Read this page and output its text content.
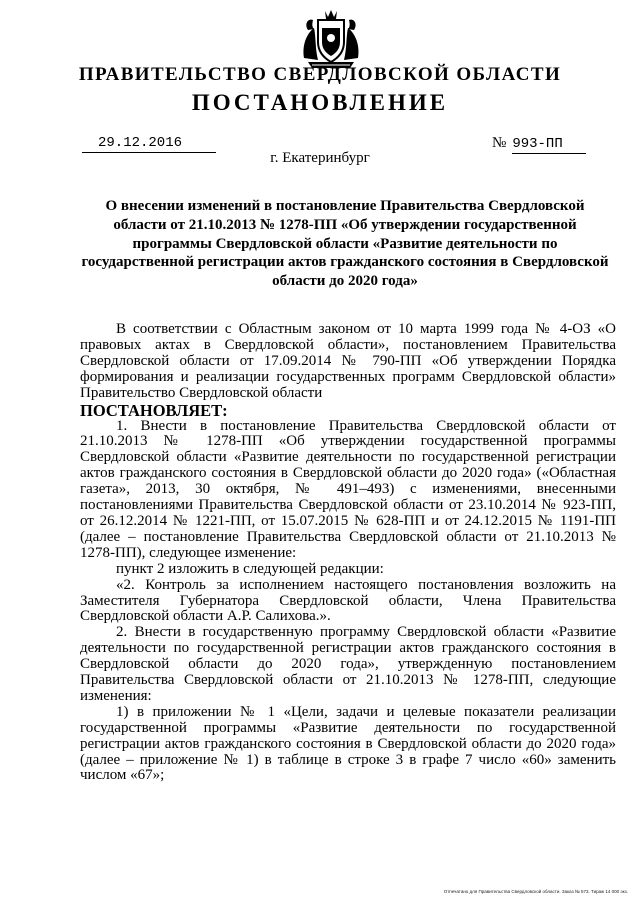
ПРАВИТЕЛЬСТВО СВЕРДЛОВСКОЙ ОБЛАСТИ
ПОСТАНОВЛЕНИЕ
29.12.2016	№ 993-ПП
г. Екатеринбург
О внесении изменений в постановление Правительства Свердловской области от 21.10.2013 № 1278-ПП «Об утверждении государственной программы Свердловской области «Развитие деятельности по государственной регистрации актов гражданского состояния в Свердловской области до 2020 года»

В соответствии с Областным законом от 10 марта 1999 года № 4-ОЗ «О правовых актах в Свердловской области», постановлением Правительства Свердловской области от 17.09.2014 № 790-ПП «Об утверждении Порядка формирования и реализации государственных программ Свердловской области» Правительство Свердловской области

ПОСТАНОВЛЯЕТ:

1. Внести в постановление Правительства Свердловской области от 21.10.2013 № 1278-ПП «Об утверждении государственной программы Свердловской области «Развитие деятельности по государственной регистрации актов гражданского состояния в Свердловской области до 2020 года» («Областная газета», 2013, 30 октября, № 491–493) с изменениями, внесенными постановлениями Правительства Свердловской области от 23.10.2014 № 923-ПП, от 26.12.2014 № 1221-ПП, от 15.07.2015 № 628-ПП и от 24.12.2015 № 1191-ПП (далее – постановление Правительства Свердловской области от 21.10.2013 № 1278-ПП), следующее изменение:

пункт 2 изложить в следующей редакции:

«2. Контроль за исполнением настоящего постановления возложить на Заместителя Губернатора Свердловской области, Члена Правительства Свердловской области А.Р. Салихова.».

2. Внести в государственную программу Свердловской области «Развитие деятельности по государственной регистрации актов гражданского состояния в Свердловской области до 2020 года», утвержденную постановлением Правительства Свердловской области от 21.10.2013 № 1278-ПП, следующие изменения:

1) в приложении № 1 «Цели, задачи и целевые показатели реализации государственной программы «Развитие деятельности по государственной регистрации актов гражданского состояния в Свердловской области до 2020 года» (далее – приложение № 1) в таблице в строке 3 в графе 7 число «60» заменить числом «67»;

Отпечатано для Правительства Свердловской области. Заказ № 573. Тираж 14 000 экз.
